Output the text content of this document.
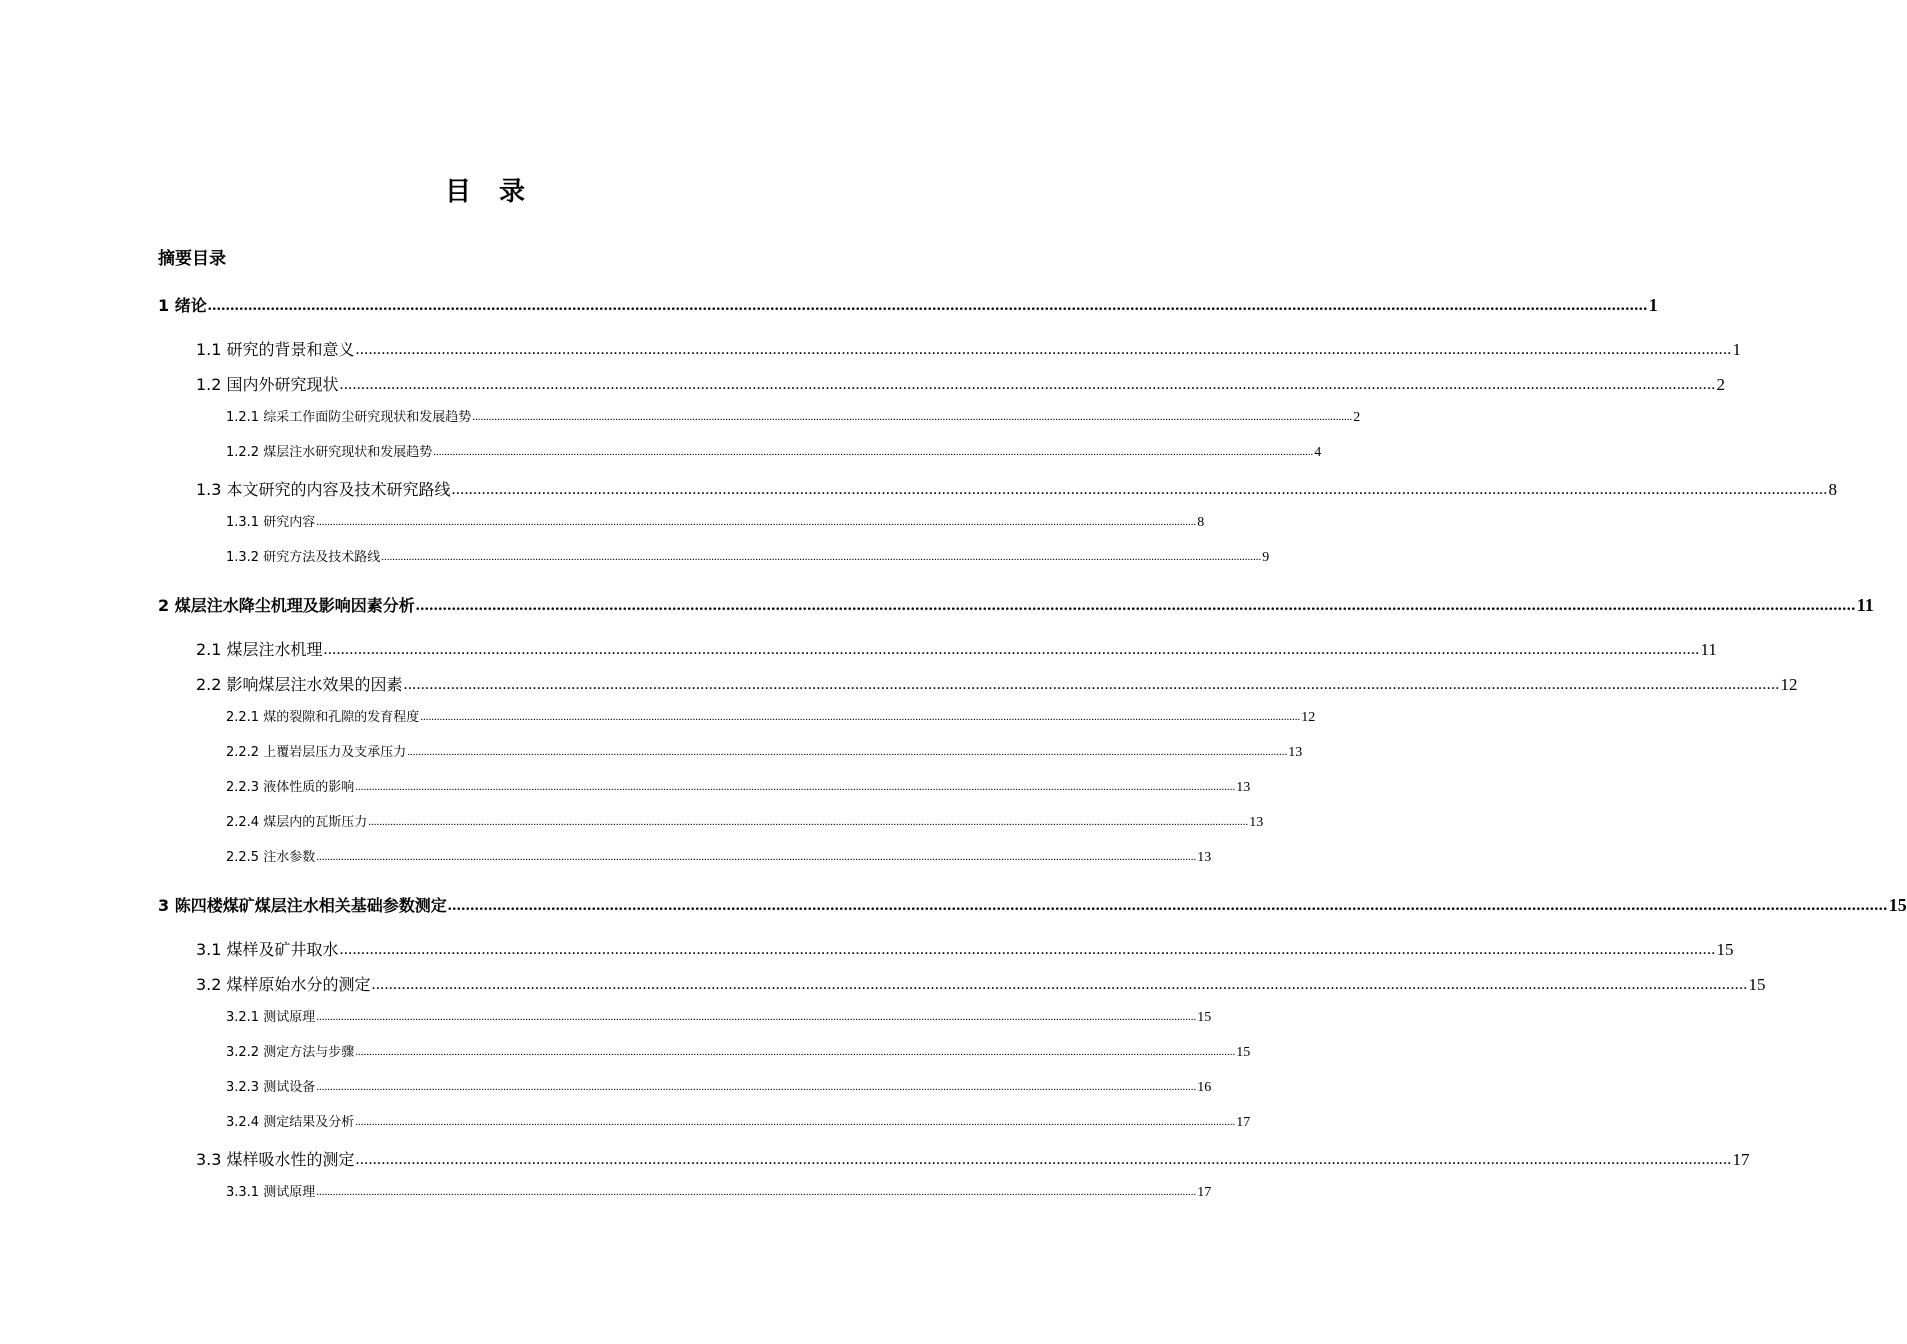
目录
摘要目录
1 绪论 ................................................................................................................................................................................................................................................................................................................................ 1
1.1 研究的背景和意义 ................................................................................................................................................................................................................................................................................................................................ 1
1.2 国内外研究现状 ................................................................................................................................................................................................................................................................................................................................ 2
1.2.1 综采工作面防尘研究现状和发展趋势 ................................................................................................................................................................................................................................................................................................................................ 2
1.2.2 煤层注水研究现状和发展趋势 ................................................................................................................................................................................................................................................................................................................................ 4
1.3 本文研究的内容及技术研究路线 ................................................................................................................................................................................................................................................................................................................................ 8
1.3.1 研究内容 ................................................................................................................................................................................................................................................................................................................................ 8
1.3.2 研究方法及技术路线 ................................................................................................................................................................................................................................................................................................................................ 9
2 煤层注水降尘机理及影响因素分析 ................................................................................................................................................................................................................................................................................................................................ 11
2.1 煤层注水机理 ................................................................................................................................................................................................................................................................................................................................ 11
2.2 影响煤层注水效果的因素 ................................................................................................................................................................................................................................................................................................................................ 12
2.2.1 煤的裂隙和孔隙的发育程度 ................................................................................................................................................................................................................................................................................................................................ 12
2.2.2 上覆岩层压力及支承压力 ................................................................................................................................................................................................................................................................................................................................ 13
2.2.3 液体性质的影响 ................................................................................................................................................................................................................................................................................................................................ 13
2.2.4 煤层内的瓦斯压力 ................................................................................................................................................................................................................................................................................................................................ 13
2.2.5 注水参数 ................................................................................................................................................................................................................................................................................................................................ 13
3 陈四楼煤矿煤层注水相关基础参数测定 ................................................................................................................................................................................................................................................................................................................................ 15
3.1 煤样及矿井取水 ................................................................................................................................................................................................................................................................................................................................ 15
3.2 煤样原始水分的测定 ................................................................................................................................................................................................................................................................................................................................ 15
3.2.1 测试原理 ................................................................................................................................................................................................................................................................................................................................ 15
3.2.2 测定方法与步骤 ................................................................................................................................................................................................................................................................................................................................ 15
3.2.3 测试设备 ................................................................................................................................................................................................................................................................................................................................ 16
3.2.4 测定结果及分析 ................................................................................................................................................................................................................................................................................................................................ 17
3.3 煤样吸水性的测定 ................................................................................................................................................................................................................................................................................................................................ 17
3.3.1 测试原理 ................................................................................................................................................................................................................................................................................................................................ 17
